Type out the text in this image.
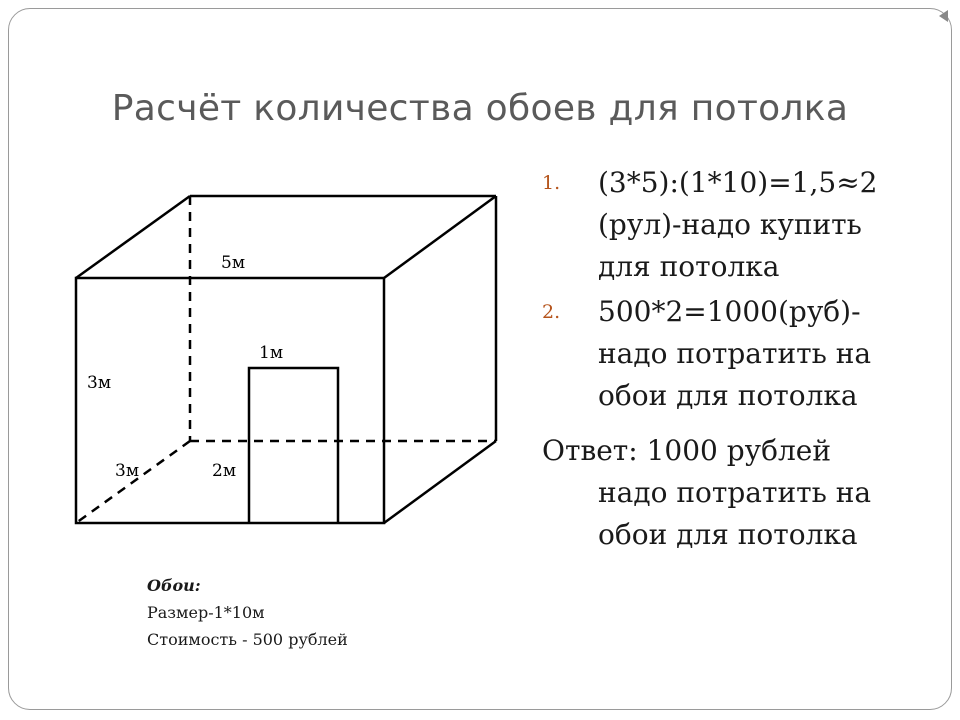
Расчёт количества обоев для потолка
5м
3м
3м
1м
2м
1. (3*5):(1*10)=1,5≈2 (рул)-надо купить для потолка
2. 500*2=1000(руб)-надо потратить на обои для потолка
Ответ: 1000 рублей
надо потратить на обои для потолка
Обои:
Размер-1*10м
Стоимость - 500 рублей
